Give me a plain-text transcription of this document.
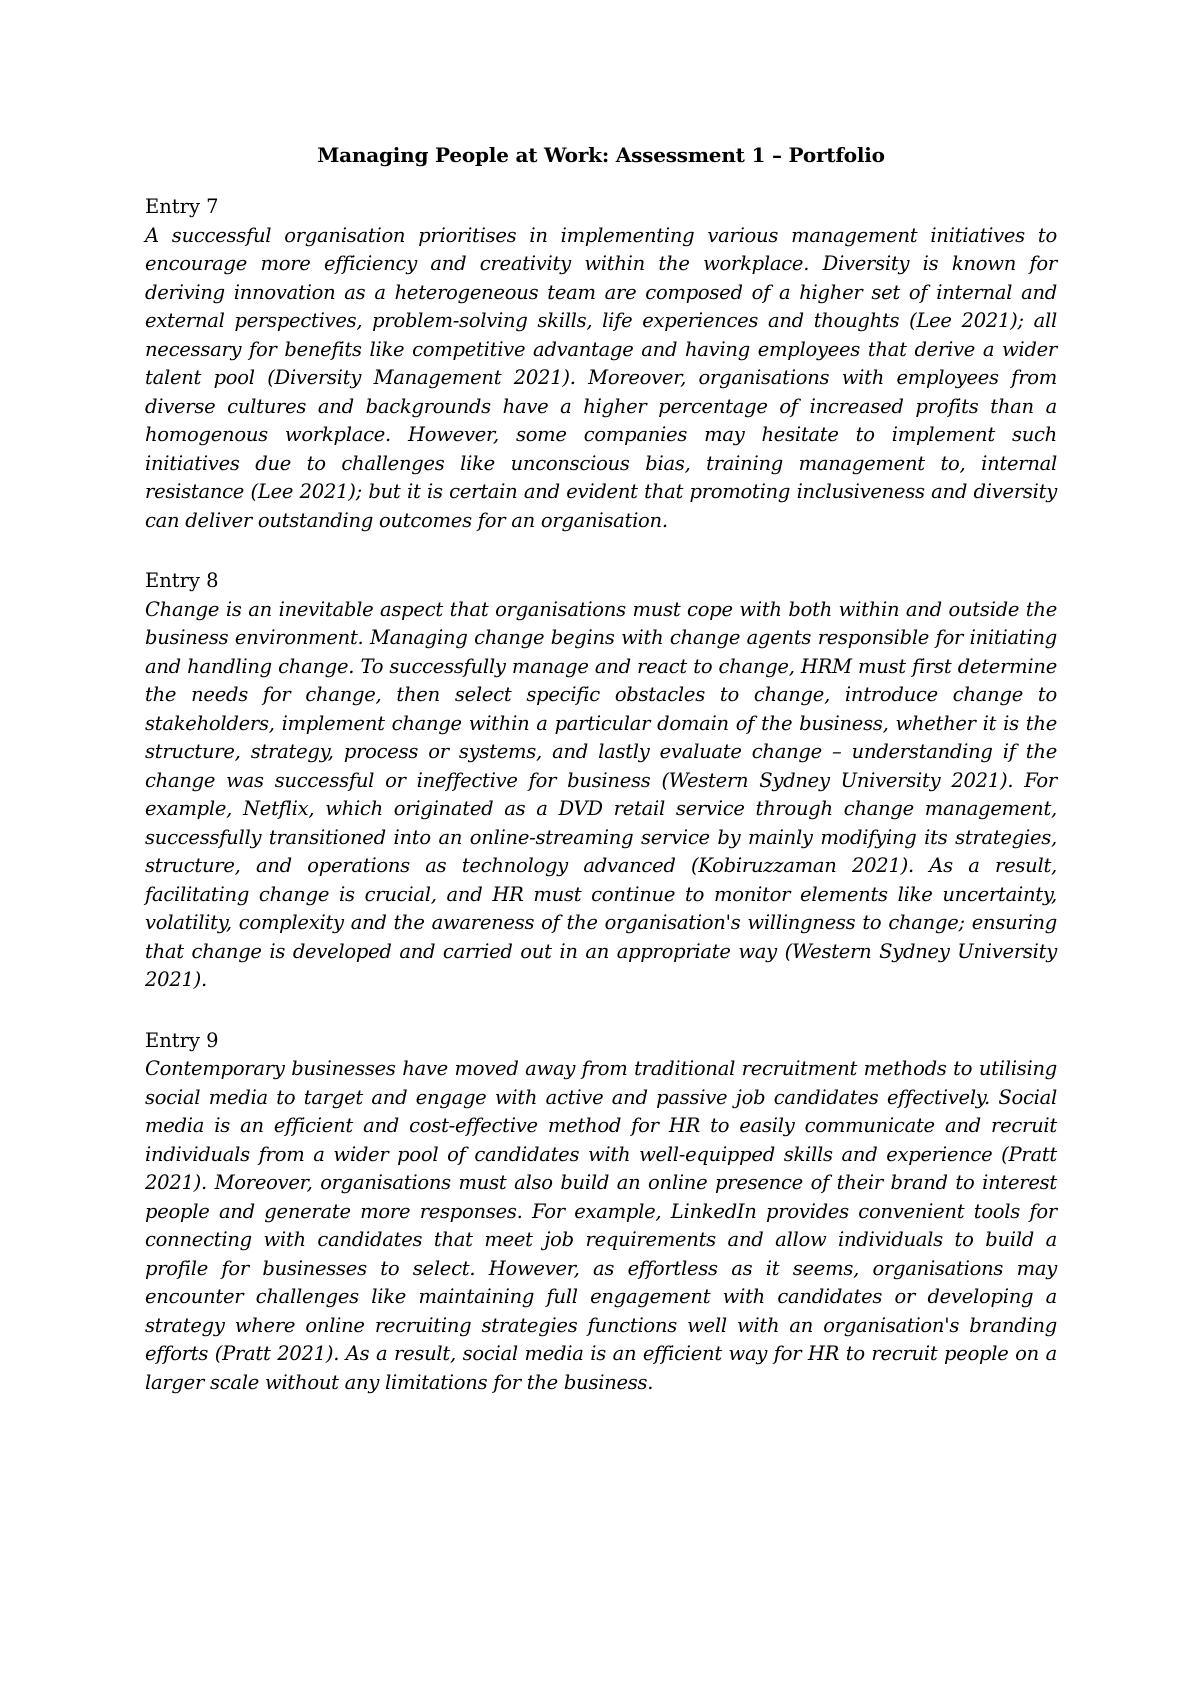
Managing People at Work: Assessment 1 – Portfolio

Entry 7

A successful organisation prioritises in implementing various management initiatives to encourage more efficiency and creativity within the workplace. Diversity is known for deriving innovation as a heterogeneous team are composed of a higher set of internal and external perspectives, problem-solving skills, life experiences and thoughts (Lee 2021); all necessary for benefits like competitive advantage and having employees that derive a wider talent pool (Diversity Management 2021). Moreover, organisations with employees from diverse cultures and backgrounds have a higher percentage of increased profits than a homogenous workplace. However, some companies may hesitate to implement such initiatives due to challenges like unconscious bias, training management to, internal resistance (Lee 2021); but it is certain and evident that promoting inclusiveness and diversity can deliver outstanding outcomes for an organisation.

Entry 8

Change is an inevitable aspect that organisations must cope with both within and outside the business environment. Managing change begins with change agents responsible for initiating and handling change. To successfully manage and react to change, HRM must first determine the needs for change, then select specific obstacles to change, introduce change to stakeholders, implement change within a particular domain of the business, whether it is the structure, strategy, process or systems, and lastly evaluate change – understanding if the change was successful or ineffective for business (Western Sydney University 2021). For example, Netflix, which originated as a DVD retail service through change management, successfully transitioned into an online-streaming service by mainly modifying its strategies, structure, and operations as technology advanced (Kobiruzzaman 2021). As a result, facilitating change is crucial, and HR must continue to monitor elements like uncertainty, volatility, complexity and the awareness of the organisation's willingness to change; ensuring that change is developed and carried out in an appropriate way (Western Sydney University 2021).

Entry 9

Contemporary businesses have moved away from traditional recruitment methods to utilising social media to target and engage with active and passive job candidates effectively. Social media is an efficient and cost-effective method for HR to easily communicate and recruit individuals from a wider pool of candidates with well-equipped skills and experience (Pratt 2021). Moreover, organisations must also build an online presence of their brand to interest people and generate more responses. For example, LinkedIn provides convenient tools for connecting with candidates that meet job requirements and allow individuals to build a profile for businesses to select. However, as effortless as it seems, organisations may encounter challenges like maintaining full engagement with candidates or developing a strategy where online recruiting strategies functions well with an organisation's branding efforts (Pratt 2021). As a result, social media is an efficient way for HR to recruit people on a larger scale without any limitations for the business.
